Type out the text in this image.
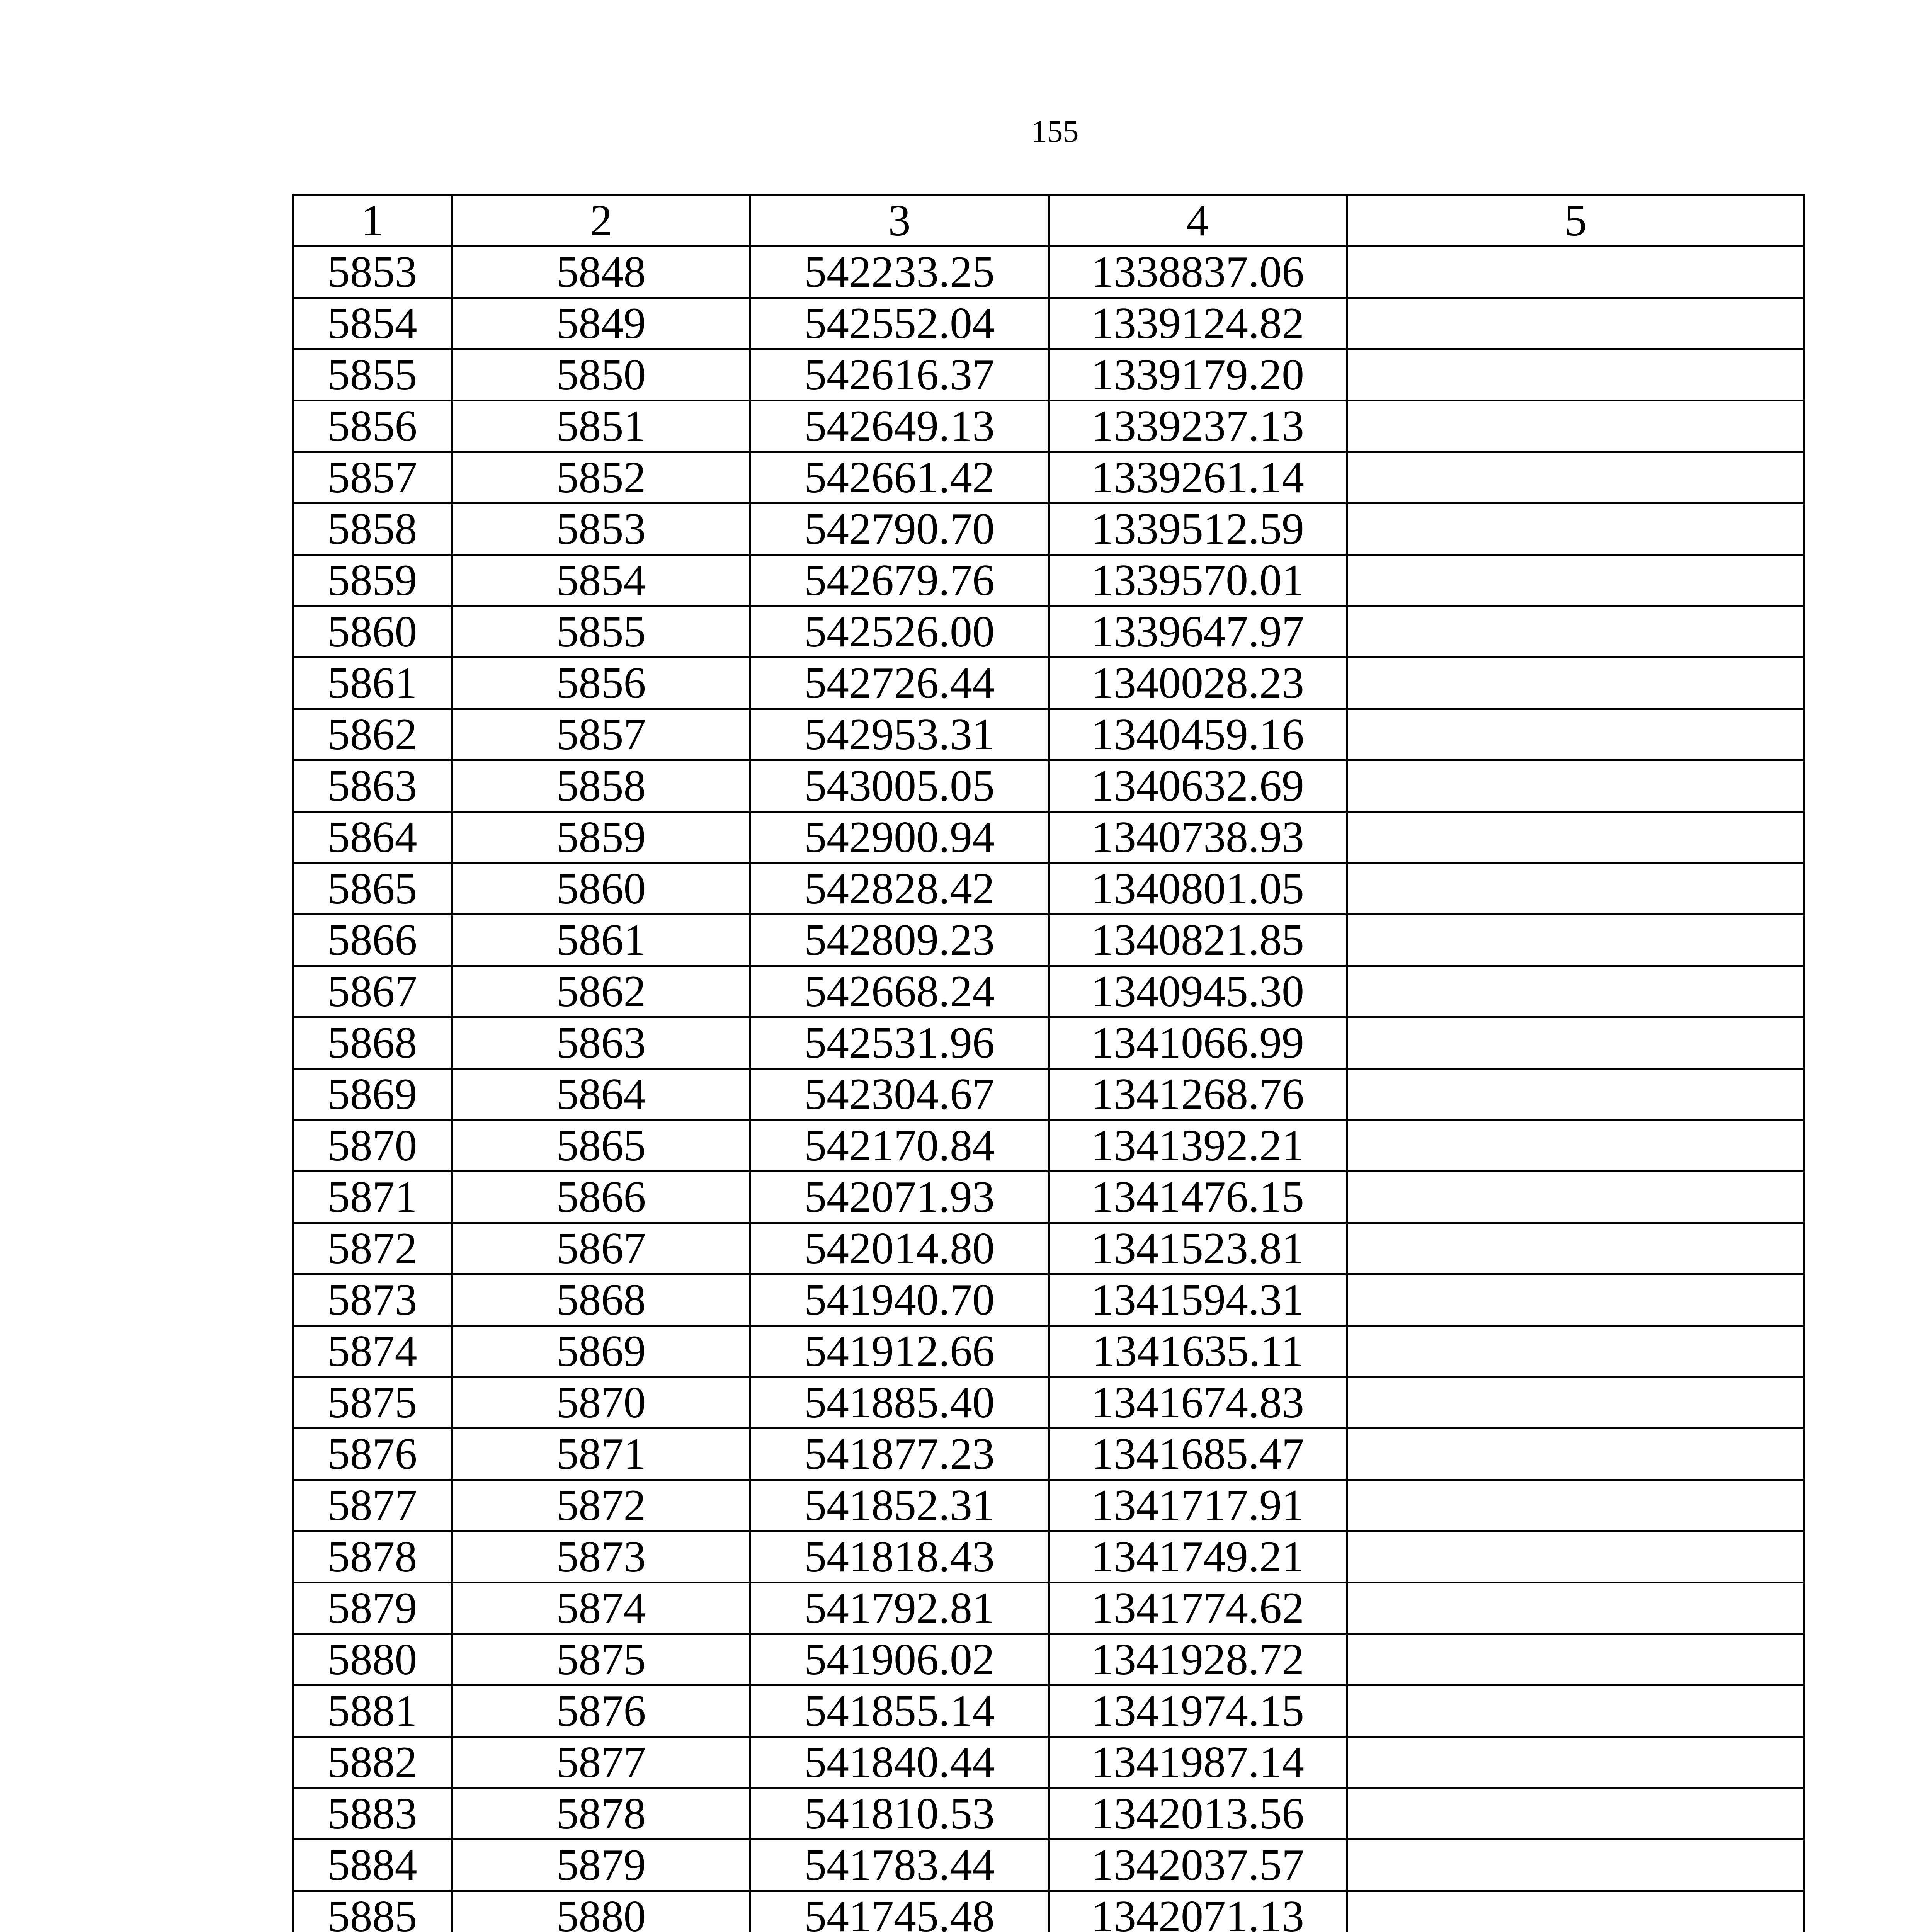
155
1	2	3	4	5
5853	5848	542233.25	1338837.06	
5854	5849	542552.04	1339124.82	
5855	5850	542616.37	1339179.20	
5856	5851	542649.13	1339237.13	
5857	5852	542661.42	1339261.14	
5858	5853	542790.70	1339512.59	
5859	5854	542679.76	1339570.01	
5860	5855	542526.00	1339647.97	
5861	5856	542726.44	1340028.23	
5862	5857	542953.31	1340459.16	
5863	5858	543005.05	1340632.69	
5864	5859	542900.94	1340738.93	
5865	5860	542828.42	1340801.05	
5866	5861	542809.23	1340821.85	
5867	5862	542668.24	1340945.30	
5868	5863	542531.96	1341066.99	
5869	5864	542304.67	1341268.76	
5870	5865	542170.84	1341392.21	
5871	5866	542071.93	1341476.15	
5872	5867	542014.80	1341523.81	
5873	5868	541940.70	1341594.31	
5874	5869	541912.66	1341635.11	
5875	5870	541885.40	1341674.83	
5876	5871	541877.23	1341685.47	
5877	5872	541852.31	1341717.91	
5878	5873	541818.43	1341749.21	
5879	5874	541792.81	1341774.62	
5880	5875	541906.02	1341928.72	
5881	5876	541855.14	1341974.15	
5882	5877	541840.44	1341987.14	
5883	5878	541810.53	1342013.56	
5884	5879	541783.44	1342037.57	
5885	5880	541745.48	1342071.13	
